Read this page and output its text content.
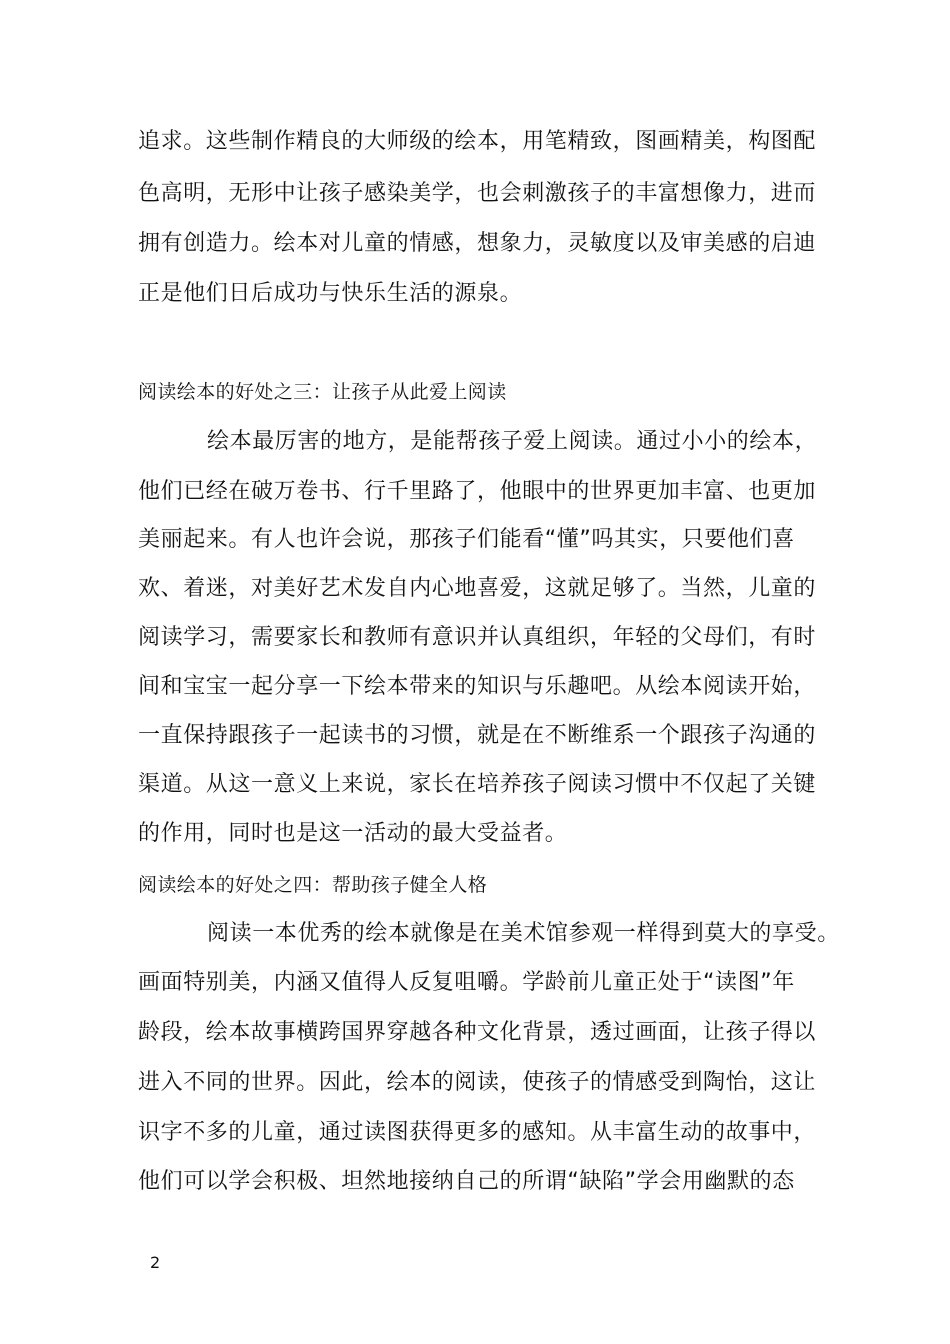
追求。这些制作精良的大师级的绘本，用笔精致，图画精美，构图配
色高明，无形中让孩子感染美学，也会刺激孩子的丰富想像力，进而
拥有创造力。绘本对儿童的情感，想象力，灵敏度以及审美感的启迪
正是他们日后成功与快乐生活的源泉。
阅读绘本的好处之三：让孩子从此爱上阅读
绘本最厉害的地方，是能帮孩子爱上阅读。通过小小的绘本，
他们已经在破万卷书、行千里路了，他眼中的世界更加丰富、也更加
美丽起来。有人也许会说，那孩子们能看“懂”吗其实，只要他们喜
欢、着迷，对美好艺术发自内心地喜爱，这就足够了。当然，儿童的
阅读学习，需要家长和教师有意识并认真组织，年轻的父母们，有时
间和宝宝一起分享一下绘本带来的知识与乐趣吧。从绘本阅读开始，
一直保持跟孩子一起读书的习惯，就是在不断维系一个跟孩子沟通的
渠道。从这一意义上来说，家长在培养孩子阅读习惯中不仅起了关键
的作用，同时也是这一活动的最大受益者。
阅读绘本的好处之四：帮助孩子健全人格
阅读一本优秀的绘本就像是在美术馆参观一样得到莫大的享受。
画面特别美，内涵又值得人反复咀嚼。学龄前儿童正处于“读图”年
龄段，绘本故事横跨国界穿越各种文化背景，透过画面，让孩子得以
进入不同的世界。因此，绘本的阅读，使孩子的情感受到陶怡，这让
识字不多的儿童，通过读图获得更多的感知。从丰富生动的故事中，
他们可以学会积极、坦然地接纳自己的所谓“缺陷”学会用幽默的态
2
